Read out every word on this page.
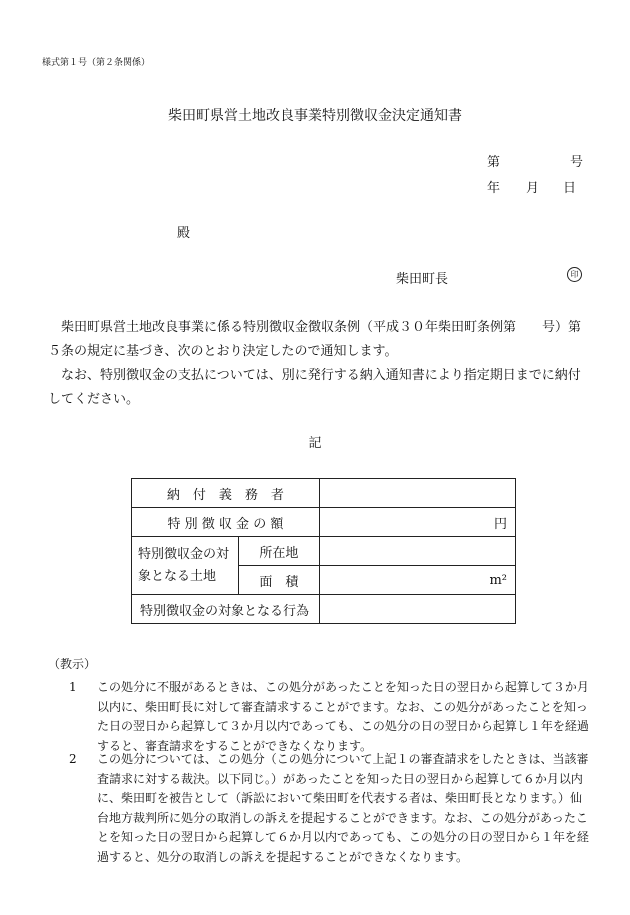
様式第１号（第２条関係）
柴田町県営土地改良事業特別徴収金決定通知書
第	号
年 月 日
殿
柴田町長	印
柴田町県営土地改良事業に係る特別徴収金徴収条例（平成３０年柴田町条例第　　号）第５条の規定に基づき、次のとおり決定したので通知します。
なお、特別徴収金の支払については、別に発行する納入通知書により指定期日までに納付してください。
記
納　付　義　務　者		
特 別 徴 収 金 の 額		円
特別徴収金の対象となる土地	所在地	
	面　積	m²
特別徴収金の対象となる行為		
（教示）
1	この処分に不服があるときは、この処分があったことを知った日の翌日から起算して３か月以内に、柴田町長に対して審査請求することがでます。なお、この処分があったことを知った日の翌日から起算して３か月以内であっても、この処分の日の翌日から起算し１年を経過すると、審査請求をすることができなくなります。
2	この処分については、この処分（この処分について上記１の審査請求をしたときは、当該審査請求に対する裁決。以下同じ。）があったことを知った日の翌日から起算して６か月以内に、柴田町を被告として（訴訟において柴田町を代表する者は、柴田町長となります。）仙台地方裁判所に処分の取消しの訴えを提起することができます。なお、この処分があったことを知った日の翌日から起算して６か月以内であっても、この処分の日の翌日から１年を経過すると、処分の取消しの訴えを提起することができなくなります。
